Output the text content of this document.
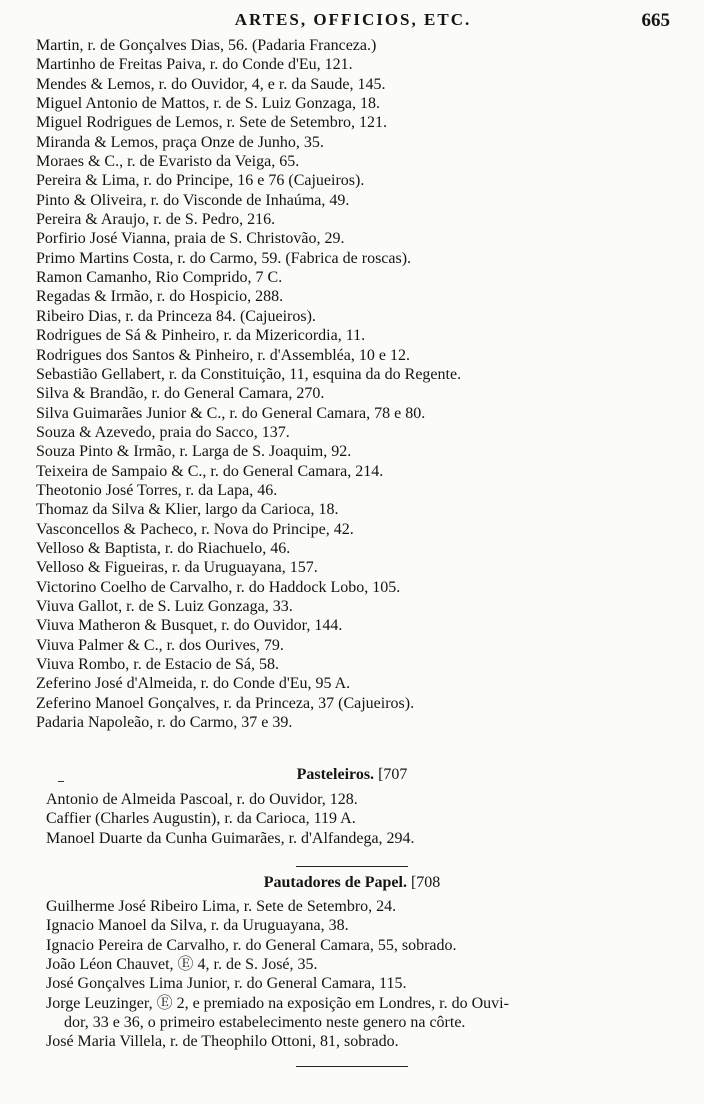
ARTES, OFFICIOS, ETC.	665
Martin, r. de Gonçalves Dias, 56. (Padaria Franceza.)
Martinho de Freitas Paiva, r. do Conde d'Eu, 121.
Mendes & Lemos, r. do Ouvidor, 4, e r. da Saude, 145.
Miguel Antonio de Mattos, r. de S. Luiz Gonzaga, 18.
Miguel Rodrigues de Lemos, r. Sete de Setembro, 121.
Miranda & Lemos, praça Onze de Junho, 35.
Moraes & C., r. de Evaristo da Veiga, 65.
Pereira & Lima, r. do Principe, 16 e 76 (Cajueiros).
Pinto & Oliveira, r. do Visconde de Inhaúma, 49.
Pereira & Araujo, r. de S. Pedro, 216.
Porfirio José Vianna, praia de S. Christovão, 29.
Primo Martins Costa, r. do Carmo, 59. (Fabrica de roscas).
Ramon Camanho, Rio Comprido, 7 C.
Regadas & Irmão, r. do Hospicio, 288.
Ribeiro Dias, r. da Princeza 84. (Cajueiros).
Rodrigues de Sá & Pinheiro, r. da Mizericordia, 11.
Rodrigues dos Santos & Pinheiro, r. d'Assembléa, 10 e 12.
Sebastião Gellabert, r. da Constituição, 11, esquina da do Regente.
Silva & Brandão, r. do General Camara, 270.
Silva Guimarães Junior & C., r. do General Camara, 78 e 80.
Souza & Azevedo, praia do Sacco, 137.
Souza Pinto & Irmão, r. Larga de S. Joaquim, 92.
Teixeira de Sampaio & C., r. do General Camara, 214.
Theotonio José Torres, r. da Lapa, 46.
Thomaz da Silva & Klier, largo da Carioca, 18.
Vasconcellos & Pacheco, r. Nova do Principe, 42.
Velloso & Baptista, r. do Riachuelo, 46.
Velloso & Figueiras, r. da Uruguayana, 157.
Victorino Coelho de Carvalho, r. do Haddock Lobo, 105.
Viuva Gallot, r. de S. Luiz Gonzaga, 33.
Viuva Matheron & Busquet, r. do Ouvidor, 144.
Viuva Palmer & C., r. dos Ourives, 79.
Viuva Rombo, r. de Estacio de Sá, 58.
Zeferino José d'Almeida, r. do Conde d'Eu, 95 A.
Zeferino Manoel Gonçalves, r. da Princeza, 37 (Cajueiros).
Padaria Napoleão, r. do Carmo, 37 e 39.
Pasteleiros. [707
Antonio de Almeida Pascoal, r. do Ouvidor, 128.
Caffier (Charles Augustin), r. da Carioca, 119 A.
Manoel Duarte da Cunha Guimarães, r. d'Alfandega, 294.
Pautadores de Papel. [708
Guilherme José Ribeiro Lima, r. Sete de Setembro, 24.
Ignacio Manoel da Silva, r. da Uruguayana, 38.
Ignacio Pereira de Carvalho, r. do General Camara, 55, sobrado.
João Léon Chauvet, Ⓔ 4, r. de S. José, 35.
José Gonçalves Lima Junior, r. do General Camara, 115.
Jorge Leuzinger, Ⓔ 2, e premiado na exposição em Londres, r. do Ouvi-
dor, 33 e 36, o primeiro estabelecimento neste genero na côrte.
José Maria Villela, r. de Theophilo Ottoni, 81, sobrado.
